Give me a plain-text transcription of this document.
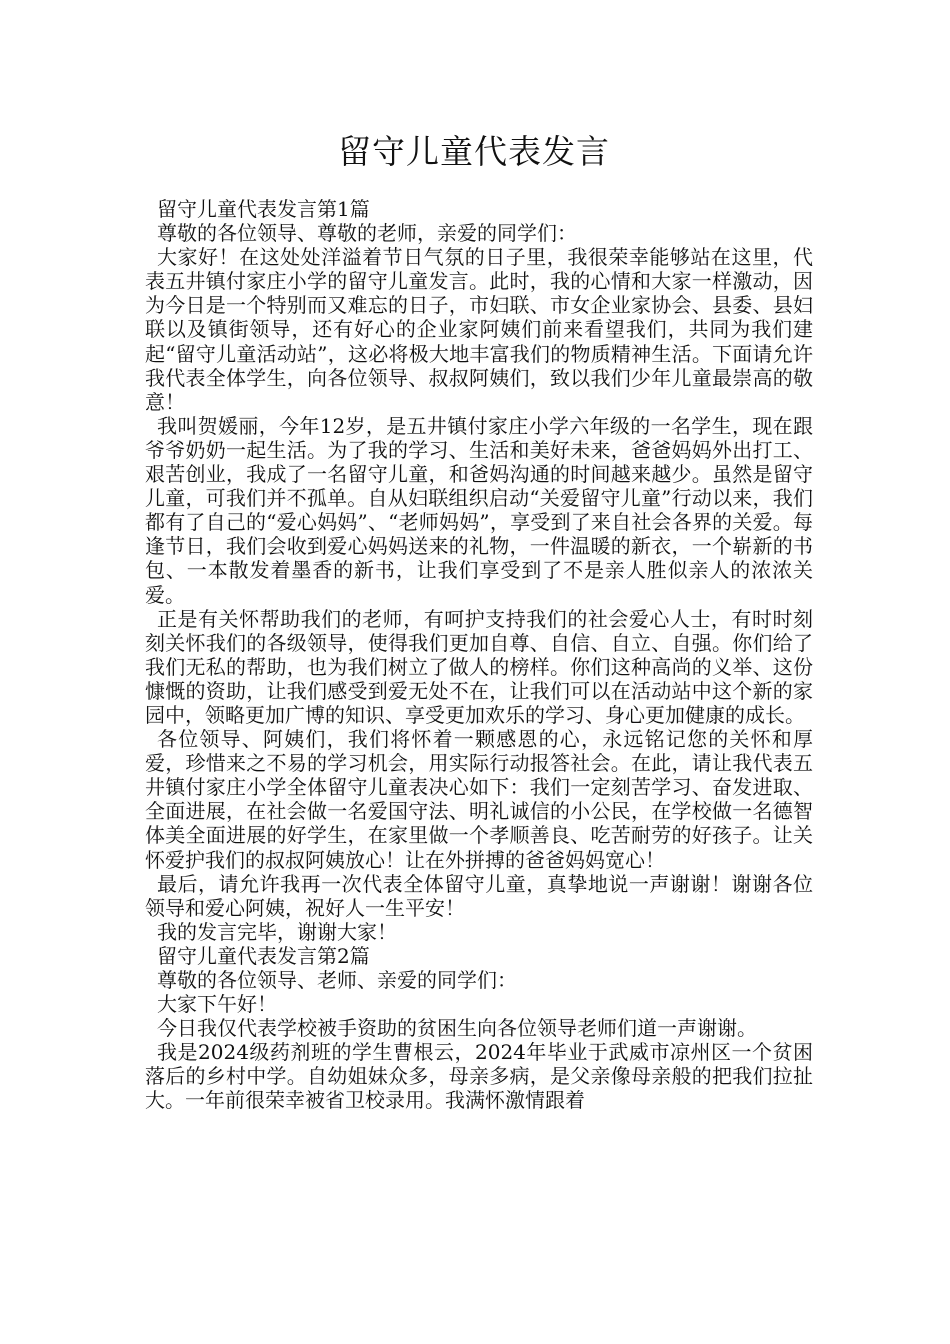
留守儿童代表发言

留守儿童代表发言第1篇

尊敬的各位领导、尊敬的老师，亲爱的同学们：

大家好！在这处处洋溢着节日气氛的日子里，我很荣幸能够站在这里，代表五井镇付家庄小学的留守儿童发言。此时，我的心情和大家一样激动，因为今日是一个特别而又难忘的日子，市妇联、市女企业家协会、县委、县妇联以及镇街领导，还有好心的企业家阿姨们前来看望我们，共同为我们建起“留守儿童活动站”，这必将极大地丰富我们的物质精神生活。下面请允许我代表全体学生，向各位领导、叔叔阿姨们，致以我们少年儿童最崇高的敬意！

我叫贺媛丽，今年12岁，是五井镇付家庄小学六年级的一名学生，现在跟爷爷奶奶一起生活。为了我的学习、生活和美好未来，爸爸妈妈外出打工、艰苦创业，我成了一名留守儿童，和爸妈沟通的时间越来越少。虽然是留守儿童，可我们并不孤单。自从妇联组织启动“关爱留守儿童”行动以来，我们都有了自己的“爱心妈妈”、“老师妈妈”，享受到了来自社会各界的关爱。每逢节日，我们会收到爱心妈妈送来的礼物，一件温暖的新衣，一个崭新的书包、一本散发着墨香的新书，让我们享受到了不是亲人胜似亲人的浓浓关爱。

正是有关怀帮助我们的老师，有呵护支持我们的社会爱心人士，有时时刻刻关怀我们的各级领导，使得我们更加自尊、自信、自立、自强。你们给了我们无私的帮助，也为我们树立了做人的榜样。你们这种高尚的义举、这份慷慨的资助，让我们感受到爱无处不在，让我们可以在活动站中这个新的家园中，领略更加广博的知识、享受更加欢乐的学习、身心更加健康的成长。

各位领导、阿姨们，我们将怀着一颗感恩的心，永远铭记您的关怀和厚爱，珍惜来之不易的学习机会，用实际行动报答社会。在此，请让我代表五井镇付家庄小学全体留守儿童表决心如下：我们一定刻苦学习、奋发进取、全面进展，在社会做一名爱国守法、明礼诚信的小公民，在学校做一名德智体美全面进展的好学生，在家里做一个孝顺善良、吃苦耐劳的好孩子。让关怀爱护我们的叔叔阿姨放心！让在外拼搏的爸爸妈妈宽心！

最后，请允许我再一次代表全体留守儿童，真挚地说一声谢谢！谢谢各位领导和爱心阿姨，祝好人一生平安！

我的发言完毕，谢谢大家！

留守儿童代表发言第2篇

尊敬的各位领导、老师、亲爱的同学们：

大家下午好！

今日我仅代表学校被手资助的贫困生向各位领导老师们道一声谢谢。

我是2024级药剂班的学生曹根云，2024年毕业于武威市凉州区一个贫困落后的乡村中学。自幼姐妹众多，母亲多病，是父亲像母亲般的把我们拉扯大。一年前很荣幸被省卫校录用。我满怀激情跟着
